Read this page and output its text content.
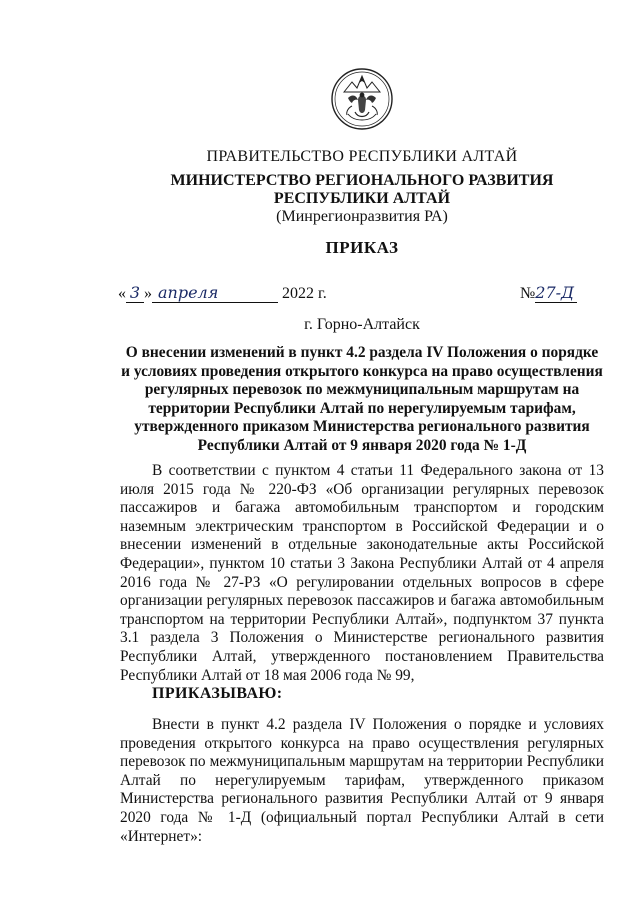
ПРАВИТЕЛЬСТВО РЕСПУБЛИКИ АЛТАЙ
МИНИСТЕРСТВО РЕГИОНАЛЬНОГО РАЗВИТИЯ
РЕСПУБЛИКИ АЛТАЙ
(Минрегионразвития РА)
ПРИКАЗ
« 3 » апреля	2022 г.	№27-Д
г. Горно-Алтайск
О внесении изменений в пункт 4.2 раздела IV Положения о порядке и условиях проведения открытого конкурса на право осуществления регулярных перевозок по межмуниципальным маршрутам на территории Республики Алтай по нерегулируемым тарифам, утвержденного приказом Министерства регионального развития Республики Алтай от 9 января 2020 года № 1-Д
В соответствии с пунктом 4 статьи 11 Федерального закона от 13 июля 2015 года № 220-ФЗ «Об организации регулярных перевозок пассажиров и багажа автомобильным транспортом и городским наземным электрическим транспортом в Российской Федерации и о внесении изменений в отдельные законодательные акты Российской Федерации», пунктом 10 статьи 3 Закона Республики Алтай от 4 апреля 2016 года № 27-РЗ «О регулировании отдельных вопросов в сфере организации регулярных перевозок пассажиров и багажа автомобильным транспортом на территории Республики Алтай», подпунктом 37 пункта 3.1 раздела 3 Положения о Министерстве регионального развития Республики Алтай, утвержденного постановлением Правительства Республики Алтай от 18 мая 2006 года № 99,
ПРИКАЗЫВАЮ:
Внести в пункт 4.2 раздела IV Положения о порядке и условиях проведения открытого конкурса на право осуществления регулярных перевозок по межмуниципальным маршрутам на территории Республики Алтай по нерегулируемым тарифам, утвержденного приказом Министерства регионального развития Республики Алтай от 9 января 2020 года № 1-Д (официальный портал Республики Алтай в сети «Интернет»:
